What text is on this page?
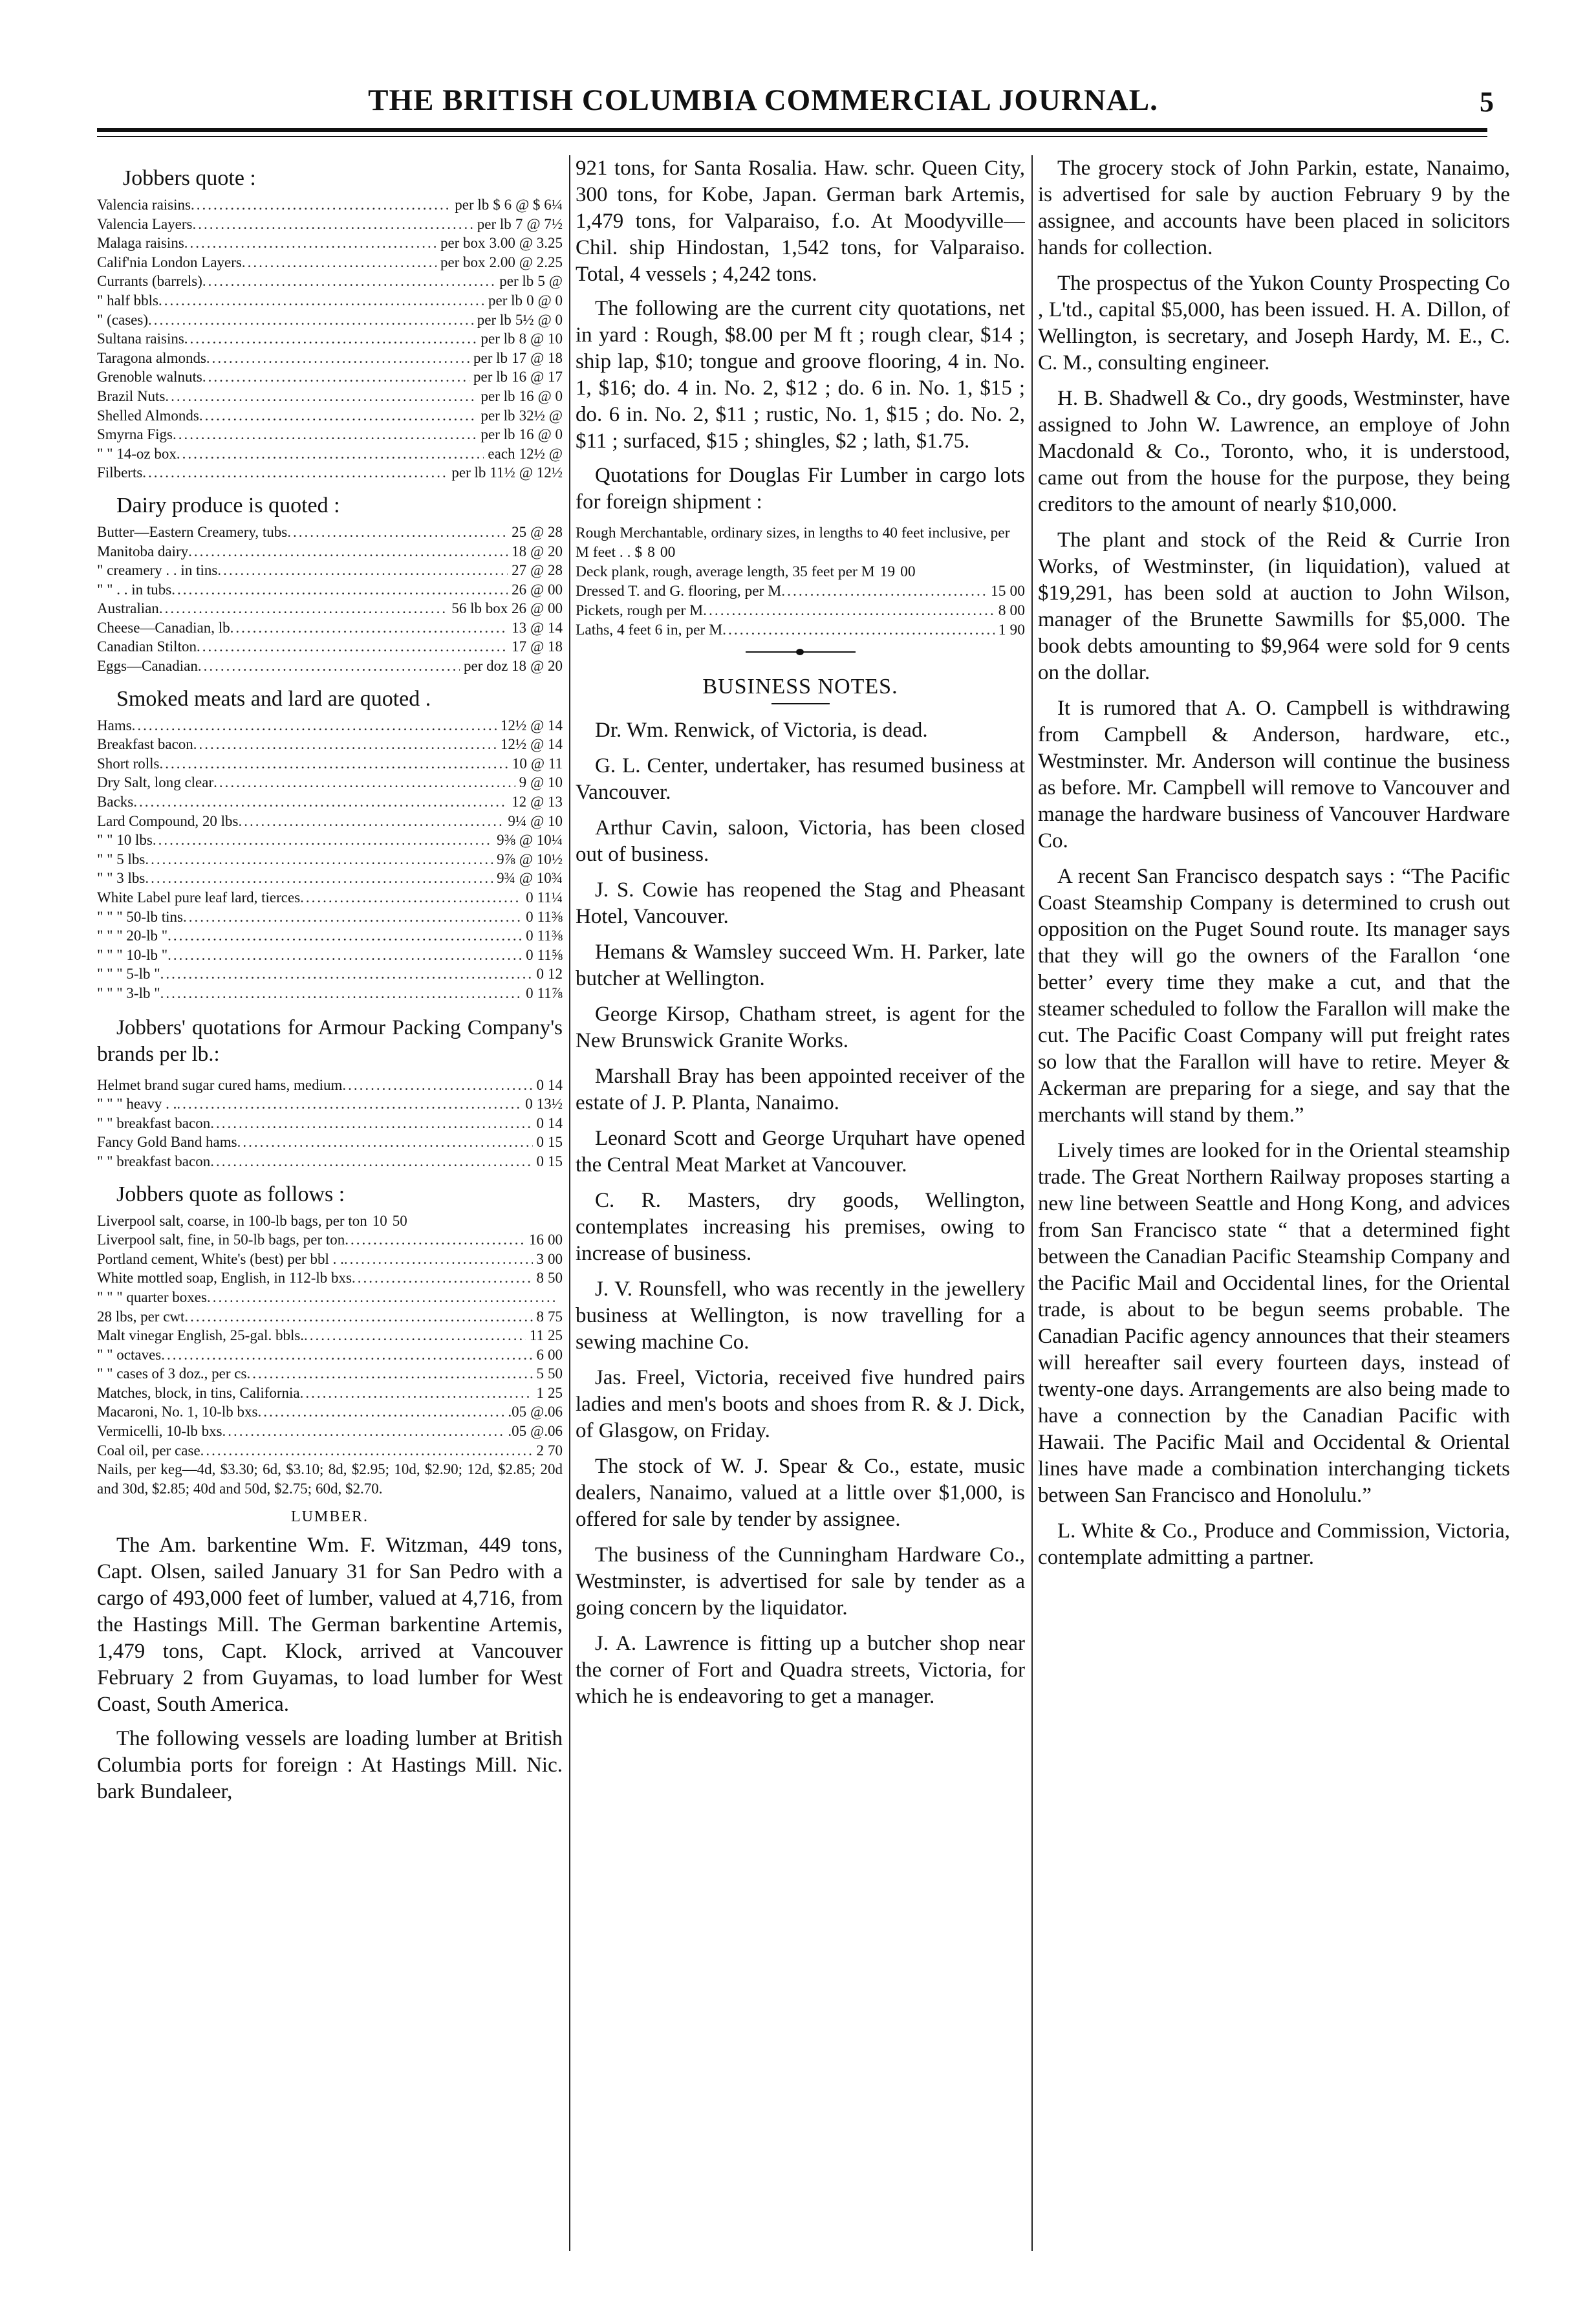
THE BRITISH COLUMBIA COMMERCIAL JOURNAL.	5
Jobbers quote :
Valencia raisins .....	per lb $ 6 @ $ 6¼
Valencia Layers .....	per lb 7 @ 7½
Malaga raisins .....	per box 3.00 @ 3.25
Calif'nia London Layers .....	per box 2.00 @ 2.25
Currants (barrels) .....	per lb 5 @
" half bbls .....	per lb 0 @ 0
" (cases) .....	per lb 5½ @ 0
Sultana raisins .....	per lb 8 @ 10
Taragona almonds .....	per lb 17 @ 18
Grenoble walnuts .....	per lb 16 @ 17
Brazil Nuts .....	per lb 16 @ 0
Shelled Almonds .....	per lb 32½ @
Smyrna Figs .....	per lb 16 @ 0
" " 14-oz box .....	each 12½ @
Filberts .....	per lb 11½ @ 12½
Dairy produce is quoted :
Butter—Eastern Creamery, tubs .....	25 @ 28
Manitoba dairy .....	18 @ 20
" creamery . . in tins .....	27 @ 28
" " . . in tubs .....	26 @ 00
Australian .....	56 lb box 26 @ 00
Cheese—Canadian, lb .....	13 @ 14
Canadian Stilton .....	17 @ 18
Eggs—Canadian .....	per doz 18 @ 20
Smoked meats and lard are quoted .
Hams .....	12½ @ 14
Breakfast bacon .....	12½ @ 14
Short rolls .....	10 @ 11
Dry Salt, long clear .....	9 @ 10
Backs .....	12 @ 13
Lard Compound, 20 lbs .....	9¼ @ 10
" " 10 lbs .....	9⅜ @ 10¼
" " 5 lbs .....	9⅞ @ 10½
" " 3 lbs .....	9¾ @ 10¾
White Label pure leaf lard, tierces .....	0 11¼
" " " 50-lb tins .....	0 11⅜
" " " 20-lb " .....	0 11⅜
" " " 10-lb " .....	0 11⅝
" " " 5-lb " .....	0 12
" " " 3-lb " .....	0 11⅞
Jobbers' quotations for Armour Packing Company's brands per lb.:
Helmet brand sugar cured hams, medium .....	0 14
" " " heavy . . .....	0 13½
" " breakfast bacon .....	0 14
Fancy Gold Band hams .....	0 15
" " breakfast bacon .....	0 15
Jobbers quote as follows :
Liverpool salt, coarse, in 100-lb bags, per ton 10 50
Liverpool salt, fine, in 50-lb bags, per ton .....	16 00
Portland cement, White's (best) per bbl . . .....	3 00
White mottled soap, English, in 112-lb bxs .....	8 50
" " " quarter boxes
.....
28 lbs, per cwt .....	8 75
Malt vinegar English, 25-gal. bbls. .....	11 25
" " octaves .....	6 00
" " cases of 3 doz., per cs .....	5 50
Matches, block, in tins, California .....	1 25
Macaroni, No. 1, 10-lb bxs .....	.05 @.06
Vermicelli, 10-lb bxs .....	.05 @.06
Coal oil, per case .....	2 70
Nails, per keg—4d, $3.30; 6d, $3.10; 8d, $2.95; 10d, $2.90; 12d, $2.85; 20d and 30d, $2.85; 40d and 50d, $2.75; 60d, $2.70.
LUMBER.
The Am. barkentine Wm. F. Witzman, 449 tons, Capt. Olsen, sailed January 31 for San Pedro with a cargo of 493,000 feet of lumber, valued at 4,716, from the Hastings Mill. The German barkentine Artemis, 1,479 tons, Capt. Klock, arrived at Vancouver February 2 from Guyamas, to load lumber for West Coast, South America.
The following vessels are loading lumber at British Columbia ports for foreign : At Hastings Mill. Nic. bark Bundaleer,
921 tons, for Santa Rosalia. Haw. schr. Queen City, 300 tons, for Kobe, Japan. German bark Artemis, 1,479 tons, for Valparaiso, f.o. At Moodyville—Chil. ship Hindostan, 1,542 tons, for Valparaiso. Total, 4 vessels ; 4,242 tons.
The following are the current city quotations, net in yard : Rough, $8.00 per M ft ; rough clear, $14 ; ship lap, $10; tongue and groove flooring, 4 in. No. 1, $16; do. 4 in. No. 2, $12 ; do. 6 in. No. 1, $15 ; do. 6 in. No. 2, $11 ; rustic, No. 1, $15 ; do. No. 2, $11 ; surfaced, $15 ; shingles, $2 ; lath, $1.75.
Quotations for Douglas Fir Lumber in cargo lots for foreign shipment :
Rough Merchantable, ordinary sizes, in lengths to 40 feet inclusive, per M feet . . $ 8 00
Deck plank, rough, average length, 35 feet per M 19 00
Dressed T. and G. flooring, per M .....	15 00
Pickets, rough per M .....	8 00
Laths, 4 feet 6 in, per M .....	1 90
BUSINESS NOTES.
Dr. Wm. Renwick, of Victoria, is dead.
G. L. Center, undertaker, has resumed business at Vancouver.
Arthur Cavin, saloon, Victoria, has been closed out of business.
J. S. Cowie has reopened the Stag and Pheasant Hotel, Vancouver.
Hemans & Wamsley succeed Wm. H. Parker, late butcher at Wellington.
George Kirsop, Chatham street, is agent for the New Brunswick Granite Works.
Marshall Bray has been appointed receiver of the estate of J. P. Planta, Nanaimo.
Leonard Scott and George Urquhart have opened the Central Meat Market at Vancouver.
C. R. Masters, dry goods, Wellington, contemplates increasing his premises, owing to increase of business.
J. V. Rounsfell, who was recently in the jewellery business at Wellington, is now travelling for a sewing machine Co.
Jas. Freel, Victoria, received five hundred pairs ladies and men's boots and shoes from R. & J. Dick, of Glasgow, on Friday.
The stock of W. J. Spear & Co., estate, music dealers, Nanaimo, valued at a little over $1,000, is offered for sale by tender by assignee.
The business of the Cunningham Hardware Co., Westminster, is advertised for sale by tender as a going concern by the liquidator.
J. A. Lawrence is fitting up a butcher shop near the corner of Fort and Quadra streets, Victoria, for which he is endeavoring to get a manager.
The grocery stock of John Parkin, estate, Nanaimo, is advertised for sale by auction February 9 by the assignee, and accounts have been placed in solicitors hands for collection.
The prospectus of the Yukon County Prospecting Co , L'td., capital $5,000, has been issued. H. A. Dillon, of Wellington, is secretary, and Joseph Hardy, M. E., C. C. M., consulting engineer.
H. B. Shadwell & Co., dry goods, Westminster, have assigned to John W. Lawrence, an employe of John Macdonald & Co., Toronto, who, it is understood, came out from the house for the purpose, they being creditors to the amount of nearly $10,000.
The plant and stock of the Reid & Currie Iron Works, of Westminster, (in liquidation), valued at $19,291, has been sold at auction to John Wilson, manager of the Brunette Sawmills for $5,000. The book debts amounting to $9,964 were sold for 9 cents on the dollar.
It is rumored that A. O. Campbell is withdrawing from Campbell & Anderson, hardware, etc., Westminster. Mr. Anderson will continue the business as before. Mr. Campbell will remove to Vancouver and manage the hardware business of Vancouver Hardware Co.
A recent San Francisco despatch says : “The Pacific Coast Steamship Company is determined to crush out opposition on the Puget Sound route. Its manager says that they will go the owners of the Farallon ‘one better’ every time they make a cut, and that the steamer scheduled to follow the Farallon will make the cut. The Pacific Coast Company will put freight rates so low that the Farallon will have to retire. Meyer & Ackerman are preparing for a siege, and say that the merchants will stand by them.”
Lively times are looked for in the Oriental steamship trade. The Great Northern Railway proposes starting a new line between Seattle and Hong Kong, and advices from San Francisco state “ that a determined fight between the Canadian Pacific Steamship Company and the Pacific Mail and Occidental lines, for the Oriental trade, is about to be begun seems probable. The Canadian Pacific agency announces that their steamers will hereafter sail every fourteen days, instead of twenty-one days. Arrangements are also being made to have a connection by the Canadian Pacific with Hawaii. The Pacific Mail and Occidental & Oriental lines have made a combination interchanging tickets between San Francisco and Honolulu.”
L. White & Co., Produce and Commission, Victoria, contemplate admitting a partner.
